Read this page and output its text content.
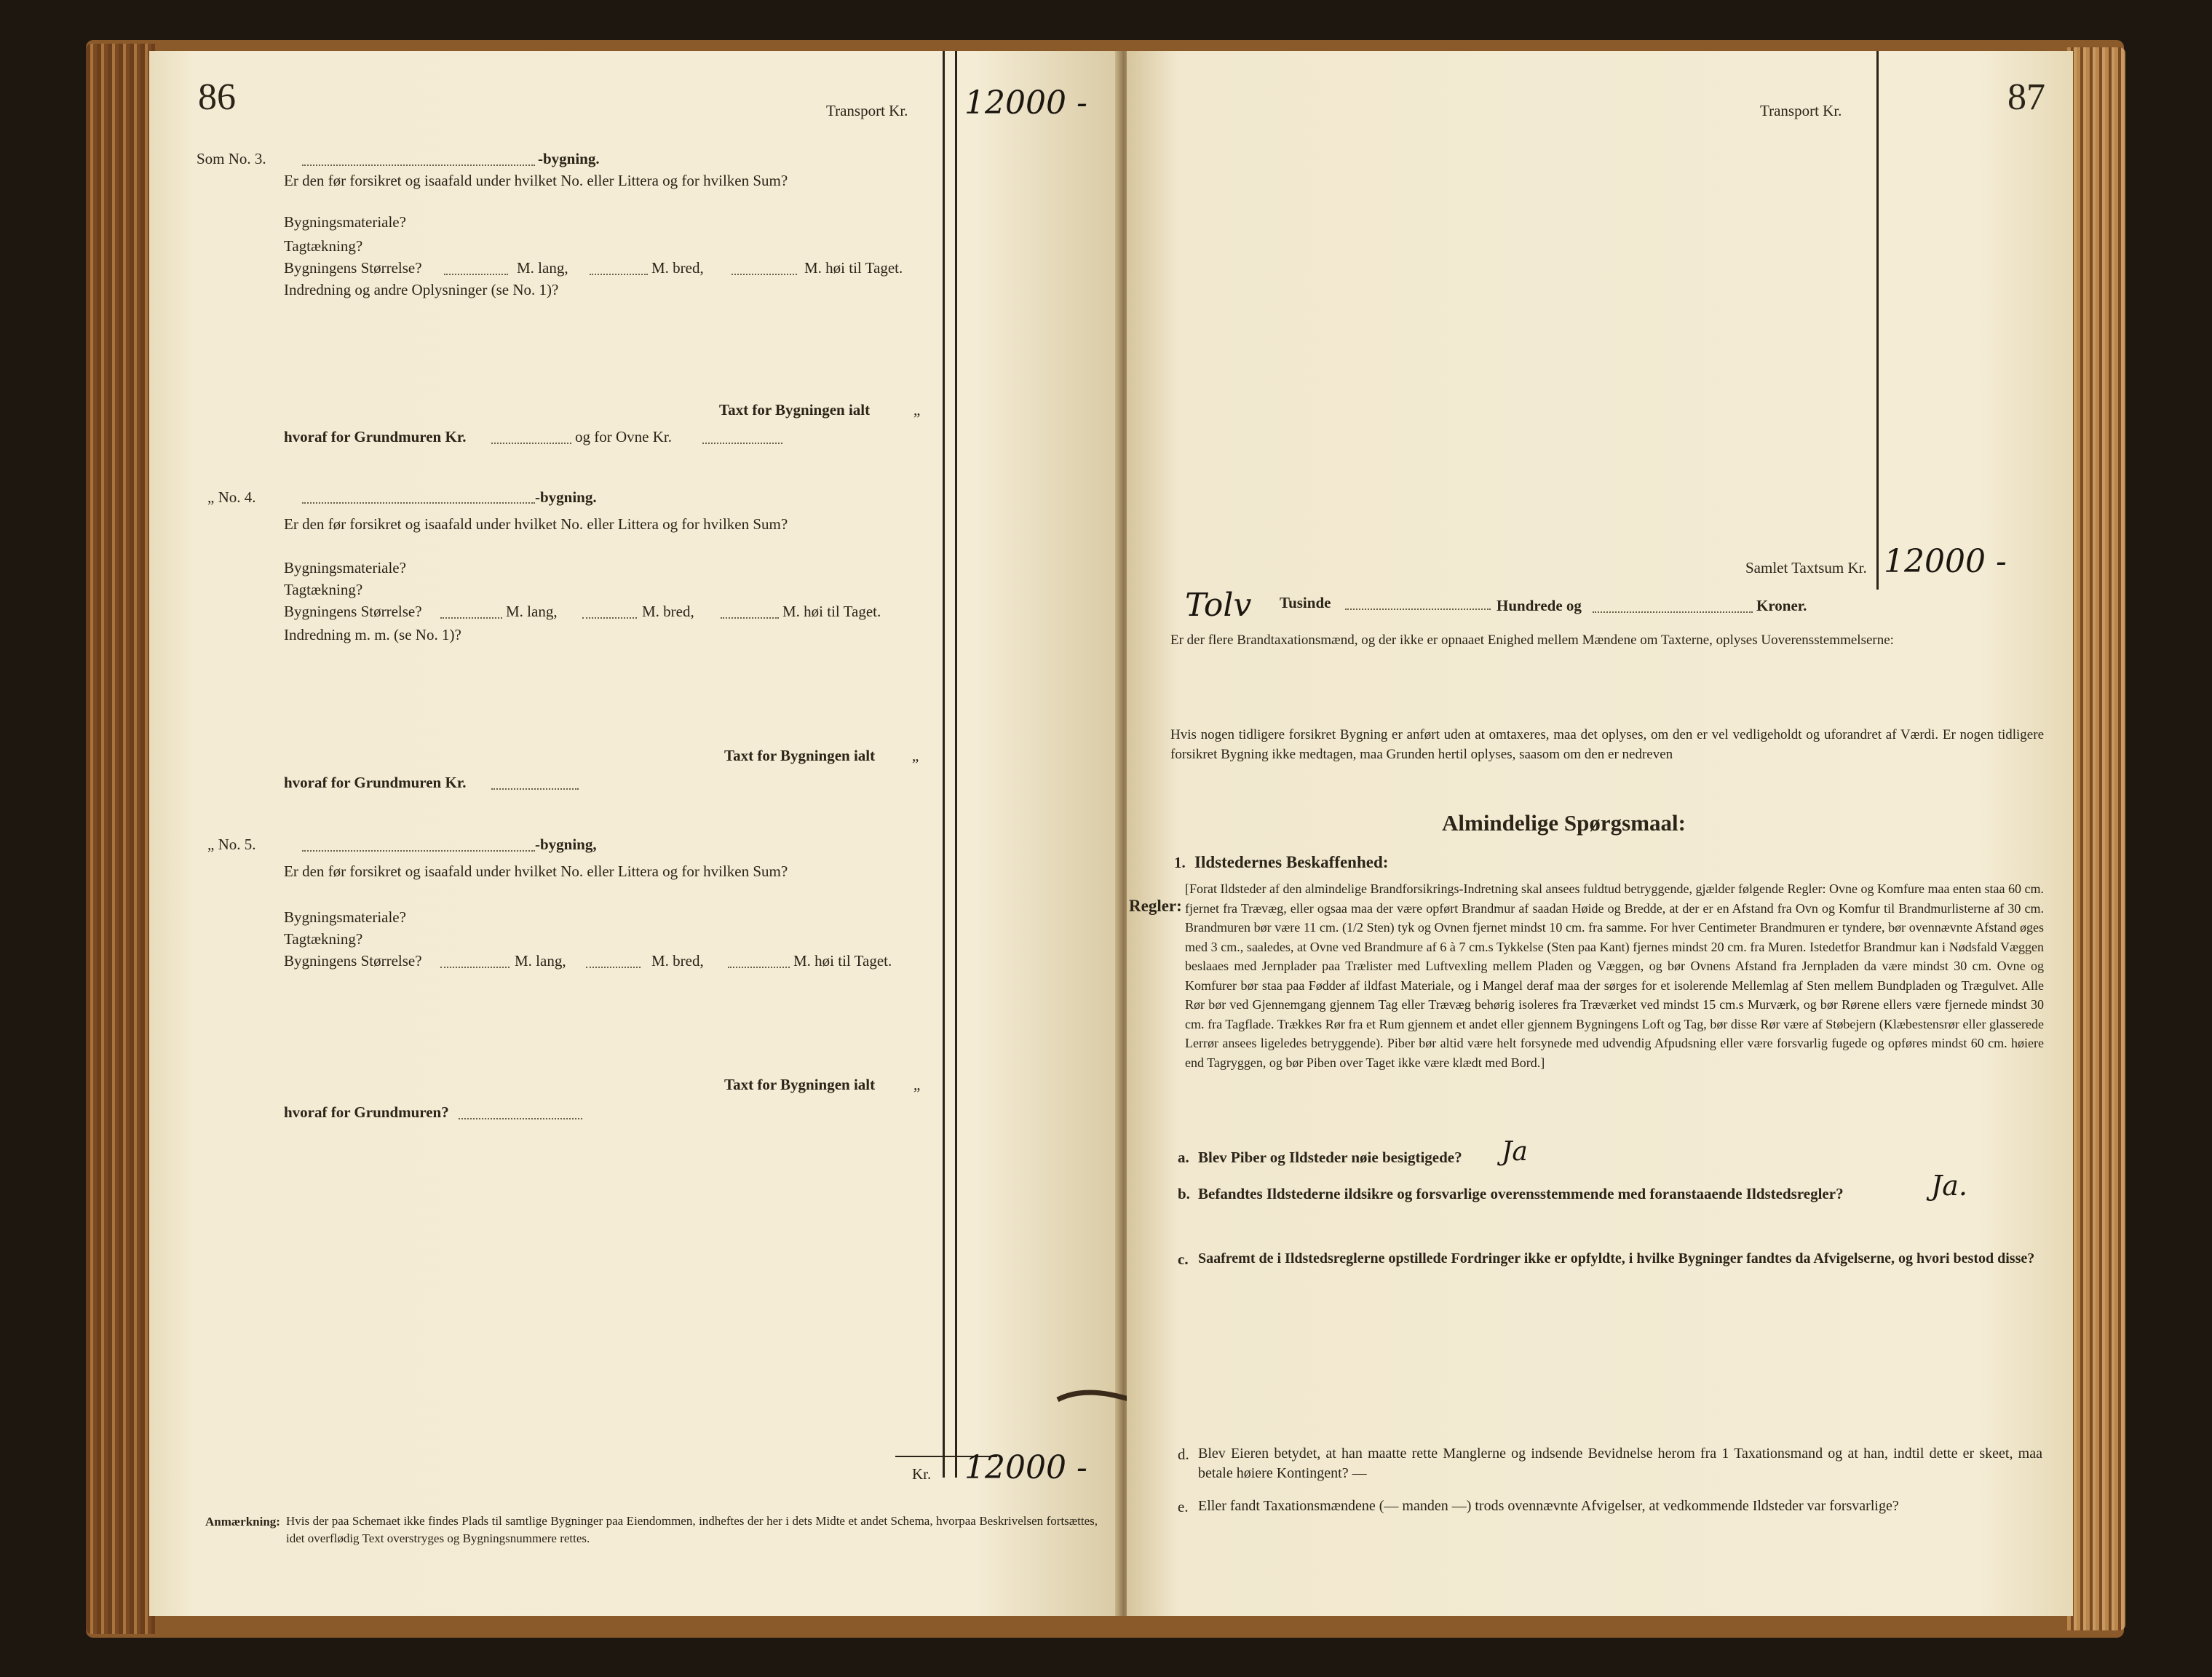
86	Transport Kr. 12000 -
Som No. 3.	-bygning.
Er den før forsikret og isaafald under hvilket No. eller Littera og for hvilken Sum?
Bygningsmateriale?
Tagtækning?
Bygningens Størrelse?	M. lang,	M. bred,	M. høi til Taget.
Indredning og andre Oplysninger (se No. 1)?
Taxt for Bygningen ialt	„
hvoraf for Grundmuren Kr.	og for Ovne Kr.
„ No. 4.	-bygning.
Er den før forsikret og isaafald under hvilket No. eller Littera og for hvilken Sum?
Bygningsmateriale?
Tagtækning?
Bygningens Størrelse?	M. lang,	M. bred,	M. høi til Taget.
Indredning m. m. (se No. 1)?
Taxt for Bygningen ialt „
hvoraf for Grundmuren Kr.
„ No. 5.	-bygning,
Er den før forsikret og isaafald under hvilket No. eller Littera og for hvilken Sum?
Bygningsmateriale?
Tagtækning?
Bygningens Størrelse?	M. lang,	M. bred,	M. høi til Taget.
Taxt for Bygningen ialt	„
hvoraf for Grundmuren?
Kr. 12000 -
Anmærkning: Hvis der paa Schemaet ikke findes Plads til samtlige Bygninger paa Eiendommen, indheftes der her i dets Midte et andet Schema, hvorpaa Beskrivelsen fortsættes, idet overflødig Text overstryges og Bygningsnummere rettes.
87
Transport Kr.
Samlet Taxtsum Kr. 12000 -
Tolv Tusinde	Hundrede og	Kroner.
Er der flere Brandtaxationsmænd, og der ikke er opnaaet Enighed mellem Mændene om Taxterne, oplyses Uoverensstemmelserne:
Hvis nogen tidligere forsikret Bygning er anført uden at omtaxeres, maa det oplyses, om den er vel vedligeholdt og uforandret af Værdi. Er nogen tidligere forsikret Bygning ikke medtagen, maa Grunden hertil oplyses, saasom om den er nedreven
Almindelige Spørgsmaal:
1. Ildstedernes Beskaffenhed:
Regler:
[Forat Ildsteder af den almindelige Brandforsikrings-Indretning skal ansees fuldtud betryggende, gjælder følgende Regler: Ovne og Komfure maa enten staa 60 cm. fjernet fra Trævæg, eller ogsaa maa der være opført Brandmur af saadan Høide og Bredde, at der er en Afstand fra Ovn og Komfur til Brandmurlisterne af 30 cm. Brandmuren bør være 11 cm. (1/2 Sten) tyk og Ovnen fjernet mindst 10 cm. fra samme. For hver Centimeter Brandmuren er tyndere, bør ovennævnte Afstand øges med 3 cm., saaledes, at Ovne ved Brandmure af 6 à 7 cm.s Tykkelse (Sten paa Kant) fjernes mindst 20 cm. fra Muren. Istedetfor Brandmur kan i Nødsfald Væggen beslaaes med Jernplader paa Trælister med Luftvexling mellem Pladen og Væggen, og bør Ovnens Afstand fra Jernpladen da være mindst 30 cm. Ovne og Komfurer bør staa paa Fødder af ildfast Materiale, og i Mangel deraf maa der sørges for et isolerende Mellemlag af Sten mellem Bundpladen og Trægulvet. Alle Rør bør ved Gjennemgang gjennem Tag eller Trævæg behørig isoleres fra Træværket ved mindst 15 cm.s Murværk, og bør Rørene ellers være fjernede mindst 30 cm. fra Tagflade. Trækkes Rør fra et Rum gjennem et andet eller gjennem Bygningens Loft og Tag, bør disse Rør være af Støbejern (Klæbestensrør eller glasserede Lerrør ansees ligeledes betryggende). Piber bør altid være helt forsynede med udvendig Afpudsning eller være forsvarlig fugede og opføres mindst 60 cm. høiere end Tagryggen, og bør Piben over Taget ikke være klædt med Bord.]
a. Blev Piber og Ildsteder nøie besigtigede? Ja
b. Befandtes Ildstederne ildsikre og forsvarlige overensstemmende med foranstaaende Ildstedsregler?	Ja.
c. Saafremt de i Ildstedsreglerne opstillede Fordringer ikke er opfyldte, i hvilke Bygninger fandtes da Afvigelserne, og hvori bestod disse?
d. Blev Eieren betydet, at han maatte rette Manglerne og indsende Bevidnelse herom fra 1 Taxationsmand og at han, indtil dette er skeet, maa betale høiere Kontingent? —
e. Eller fandt Taxationsmændene (— manden —) trods ovennævnte Afvigelser, at vedkommende Ildsteder var forsvarlige?
